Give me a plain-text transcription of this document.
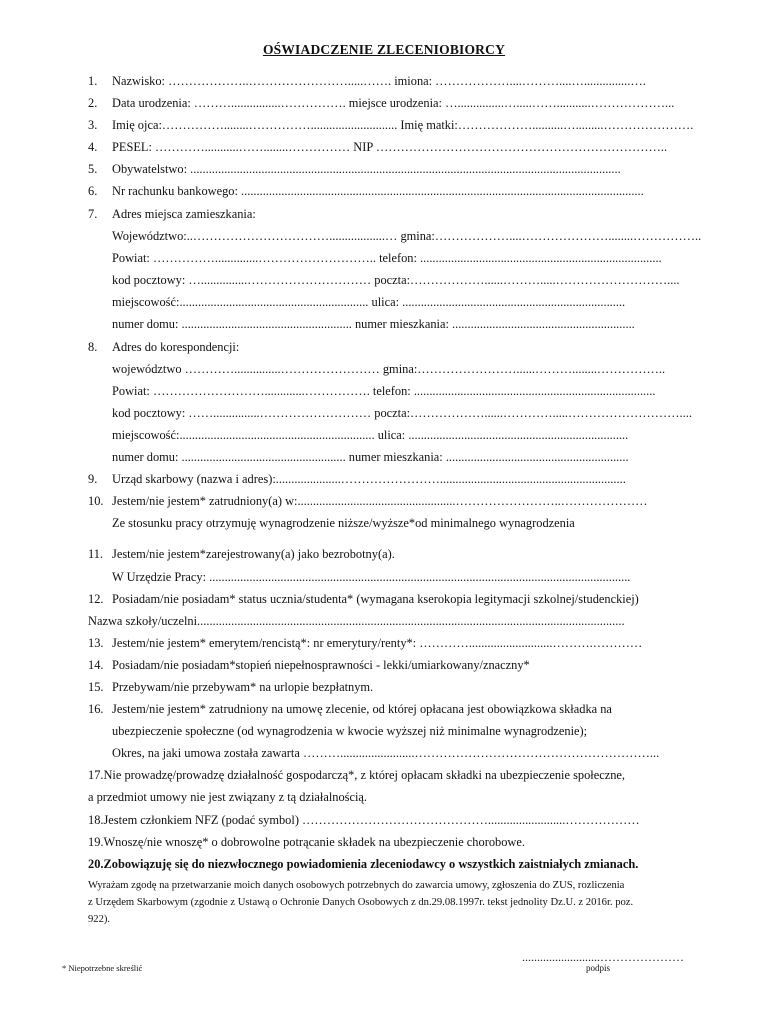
OŚWIADCZENIE ZLECENIOBIORCY
1. Nazwisko: ………………..…………………….....……. imiona: ………………....………....…...............….
2. Data urodzenia: ………................……………. miejsce urodzenia: …...............….....……...........………………...
3. Imię ojca:……………........……………............................ Imię matki:………………..........….........………………….
4. PESEL: …………...........……........…………… NIP ……………………………………………………………..
5. Obywatelstwo: ...........................................................................................................................................
6. Nr rachunku bankowego: ..................................................................................................................................
7. Adres miejsca zamieszkania:
Województwo:..……………………………..................… gmina:………………....…………………........……………..
Powiat: ……………..............……………………….. telefon: ..............................................................................
kod pocztowy: …...............………………………… poczta:………………......……….....………………………....
miejscowość:............................................................. ulica: ........................................................................
numer domu: ....................................................... numer mieszkania: ...........................................................
8. Adres do korespondencji:
województwo …………...............…………………… gmina:……………………......………........……………..
Powiat: ……………………….............……………. telefon: ..............................................................................
kod pocztowy: ……...............……………………… poczta:………………......………….....………………………....
miejscowość:............................................................... ulica: .......................................................................
numer domu: ..................................................... numer mieszkania: ...........................................................
9. Urząd skarbowy (nazwa i adres):.....................……………………............................................................
10. Jestem/nie jestem* zatrudniony(a) w:...................................................……………………..…………………
Ze stosunku pracy otrzymuję wynagrodzenie niższe/wyższe*od minimalnego wynagrodzenia
11. Jestem/nie jestem*zarejestrowany(a) jako bezrobotny(a).
W Urzędzie Pracy: ........................................................................................................................................
12. Posiadam/nie posiadam* status ucznia/studenta* (wymagana kserokopia legitymacji szkolnej/studenckiej)
Nazwa szkoły/uczelni..........................................................................................................................................
13. Jestem/nie jestem* emerytem/rencistą*: nr emerytury/renty*: …………...........................……….…………
14. Posiadam/nie posiadam*stopień niepełnosprawności - lekki/umiarkowany/znaczny*
15. Przebywam/nie przebywam* na urlopie bezpłatnym.
16. Jestem/nie jestem* zatrudniony na umowę zlecenie, od której opłacana jest obowiązkowa składka na
ubezpieczenie społeczne (od wynagrodzenia w kwocie wyższej niż minimalne wynagrodzenie);
Okres, na jaki umowa została zawarta ………........................…………………………………………………...
17.Nie prowadzę/prowadzę działalność gospodarczą*, z której opłacam składki na ubezpieczenie społeczne,
a przedmiot umowy nie jest związany z tą działalnością.
18.Jestem członkiem NFZ (podać symbol) ……………………………………….........................………………
19.Wnoszę/nie wnoszę* o dobrowolne potrącanie składek na ubezpieczenie chorobowe.
20.Zobowiązuję się do niezwłocznego powiadomienia zleceniodawcy o wszystkich zaistniałych zmianach.
Wyrażam zgodę na przetwarzanie moich danych osobowych potrzebnych do zawarcia umowy, zgłoszenia do ZUS, rozliczenia
z Urzędem Skarbowym (zgodnie z Ustawą o Ochronie Danych Osobowych z dn.29.08.1997r. tekst jednolity Dz.U. z 2016r. poz.
922).
..........................…………………
podpis
* Niepotrzebne skreślić
